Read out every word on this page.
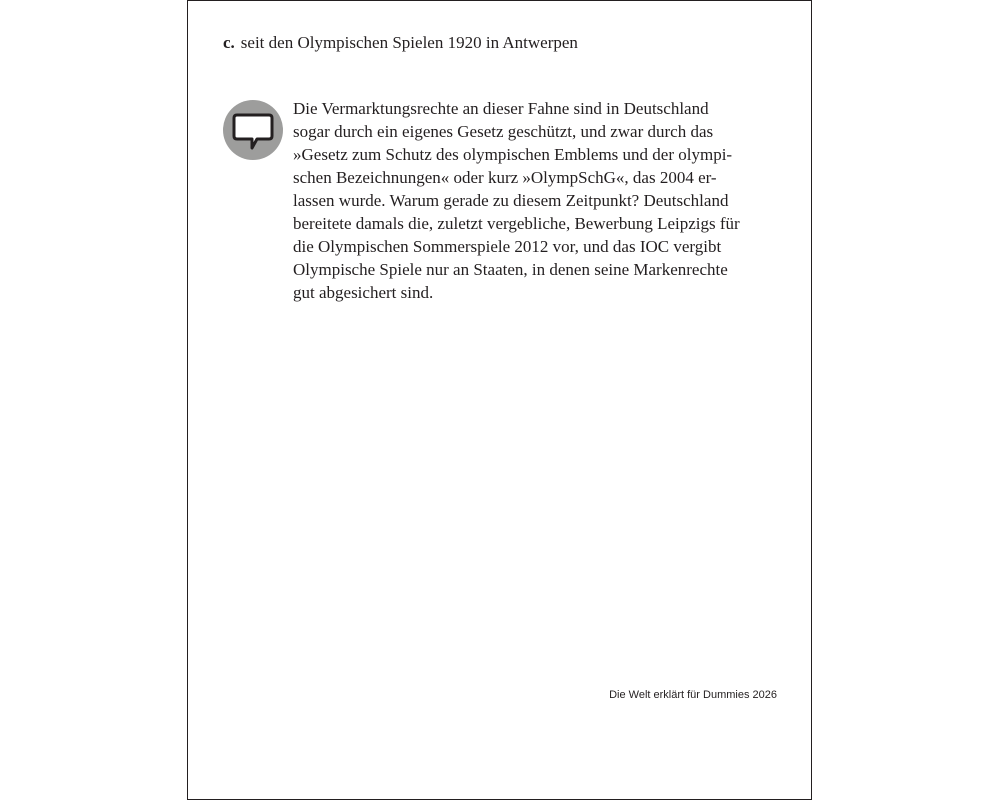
c. seit den Olympischen Spielen 1920 in Antwerpen
Die Vermarktungsrechte an dieser Fahne sind in Deutschland
sogar durch ein eigenes Gesetz geschützt, und zwar durch das
»Gesetz zum Schutz des olympischen Emblems und der olympi-
schen Bezeichnungen« oder kurz »OlympSchG«, das 2004 er-
lassen wurde. Warum gerade zu diesem Zeitpunkt? Deutschland
bereitete damals die, zuletzt vergebliche, Bewerbung Leipzigs für
die Olympischen Sommerspiele 2012 vor, und das IOC vergibt
Olympische Spiele nur an Staaten, in denen seine Markenrechte
gut abgesichert sind.
Die Welt erklärt für Dummies 2026
